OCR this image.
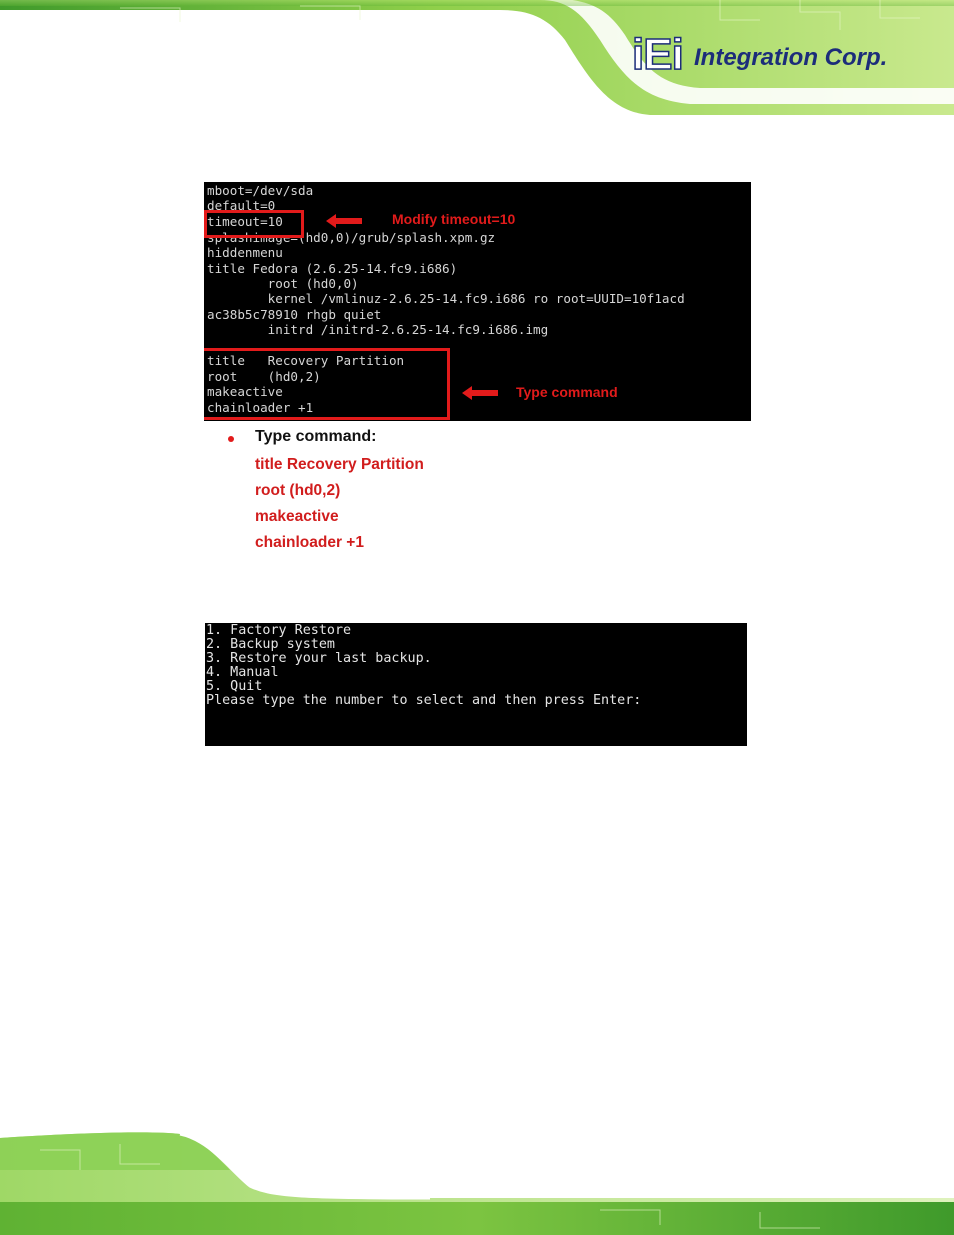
iEi Integration Corp.
mboot=/dev/sda
default=0
timeout=10
splashimage=(hd0,0)/grub/splash.xpm.gz
hiddenmenu
title Fedora (2.6.25-14.fc9.i686)
root (hd0,0)
kernel /vmlinuz-2.6.25-14.fc9.i686 ro root=UUID=10f1acd
ac38b5c78910 rhgb quiet
initrd /initrd-2.6.25-14.fc9.i686.img
title   Recovery Partition
root    (hd0,2)
makeactive
chainloader +1
Modify timeout=10
Type command
Type command:
title Recovery Partition
root (hd0,2)
makeactive
chainloader +1
1. Factory Restore
2. Backup system
3. Restore your last backup.
4. Manual
5. Quit
Please type the number to select and then press Enter:
